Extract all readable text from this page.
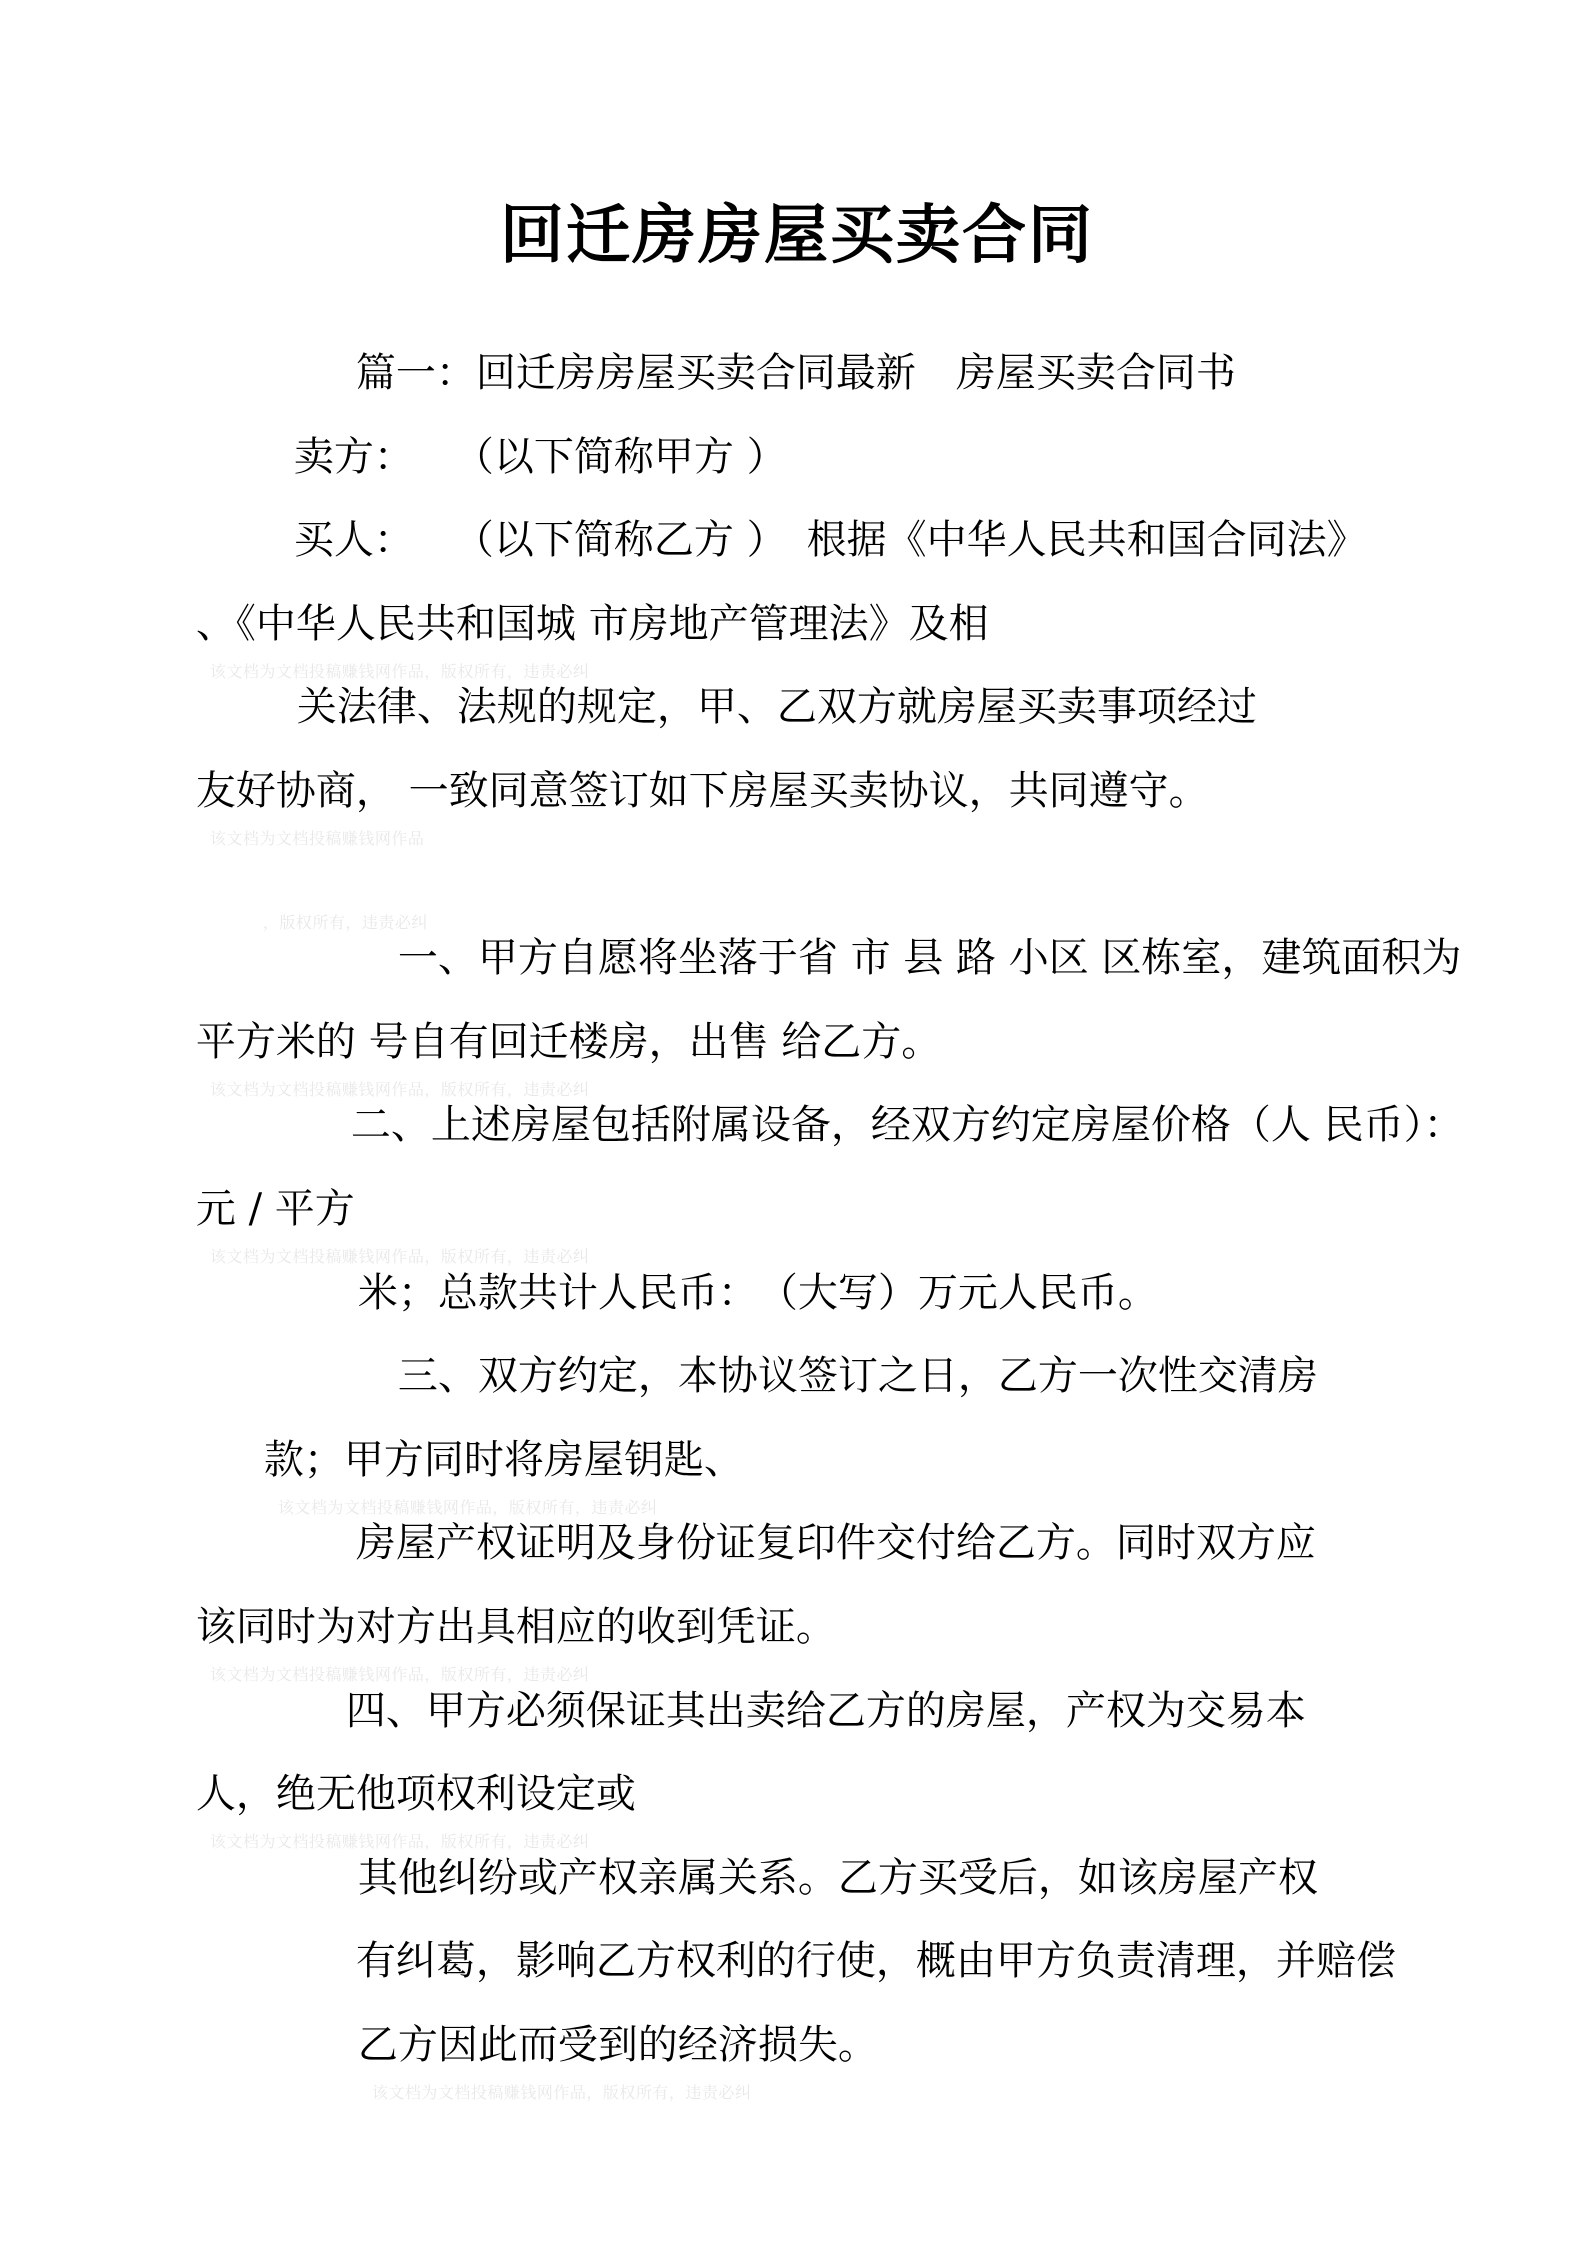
回迁房房屋买卖合同

篇一：回迁房房屋买卖合同最新　房屋买卖合同书

卖方：　　（以下简称甲方 ）

买人：　　（以下简称乙方 ）　根据《中华人民共和国合同法》

、《中华人民共和国城 市房地产管理法》及相
该文档为文档投稿赚钱网作品，版权所有，违责必纠

关法律、法规的规定，甲、乙双方就房屋买卖事项经过

友好协商， 一致同意签订如下房屋买卖协议，共同遵守。
该文档为文档投稿赚钱网作品

，版权所有，违责必纠

一、甲方自愿将坐落于省 市 县 路 小区 区栋室，建筑面积为

平方米的 号自有回迁楼房，出售 给乙方。
该文档为文档投稿赚钱网作品，版权所有，违责必纠

二、上述房屋包括附属设备，经双方约定房屋价格（人 民币）：

元 / 平方
该文档为文档投稿赚钱网作品，版权所有，违责必纠

米；总款共计人民币：　（大写）万元人民币。

三、双方约定，本协议签订之日，乙方一次性交清房

款；甲方同时将房屋钥匙、
该文档为文档投稿赚钱网作品，版权所有，违责必纠

房屋产权证明及身份证复印件交付给乙方。同时双方应

该同时为对方出具相应的收到凭证。
该文档为文档投稿赚钱网作品，版权所有，违责必纠

四、甲方必须保证其出卖给乙方的房屋，产权为交易本

人，绝无他项权利设定或
该文档为文档投稿赚钱网作品，版权所有，违责必纠

其他纠纷或产权亲属关系。乙方买受后，如该房屋产权

有纠葛，影响乙方权利的行使，概由甲方负责清理，并赔偿

乙方因此而受到的经济损失。
该文档为文档投稿赚钱网作品，版权所有，违责必纠
